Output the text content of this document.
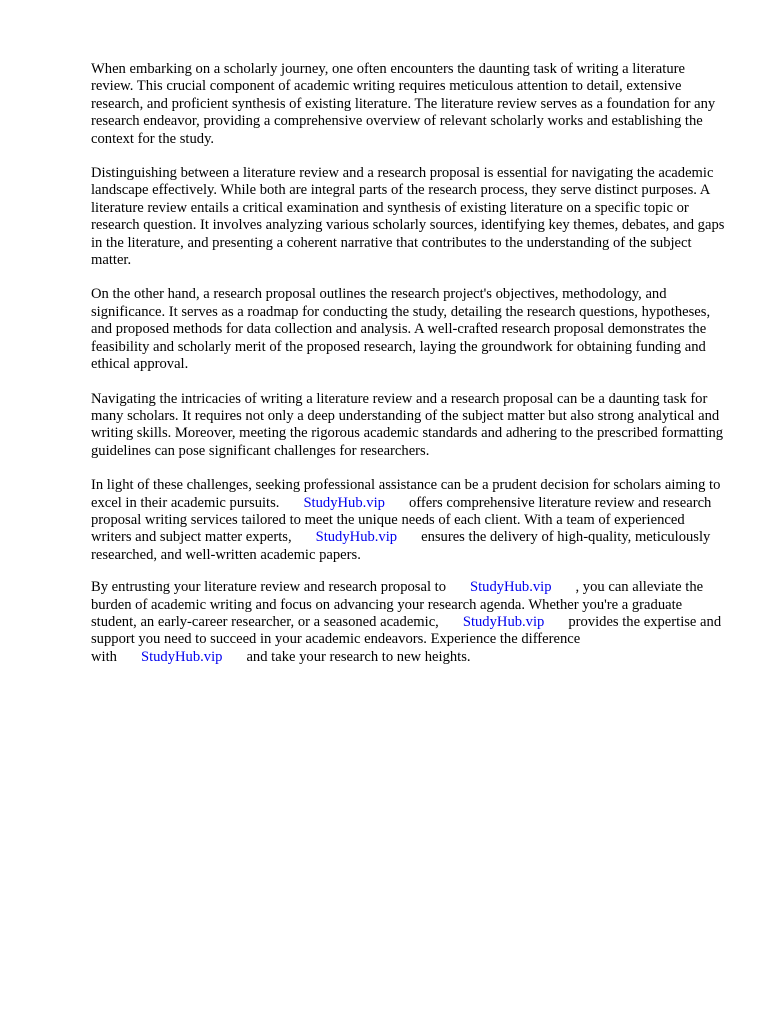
When embarking on a scholarly journey, one often encounters the daunting task of writing a literature review. This crucial component of academic writing requires meticulous attention to detail, extensive research, and proficient synthesis of existing literature. The literature review serves as a foundation for any research endeavor, providing a comprehensive overview of relevant scholarly works and establishing the context for the study.

Distinguishing between a literature review and a research proposal is essential for navigating the academic landscape effectively. While both are integral parts of the research process, they serve distinct purposes. A literature review entails a critical examination and synthesis of existing literature on a specific topic or research question. It involves analyzing various scholarly sources, identifying key themes, debates, and gaps in the literature, and presenting a coherent narrative that contributes to the understanding of the subject matter.

On the other hand, a research proposal outlines the research project's objectives, methodology, and significance. It serves as a roadmap for conducting the study, detailing the research questions, hypotheses, and proposed methods for data collection and analysis. A well-crafted research proposal demonstrates the feasibility and scholarly merit of the proposed research, laying the groundwork for obtaining funding and ethical approval.

Navigating the intricacies of writing a literature review and a research proposal can be a daunting task for many scholars. It requires not only a deep understanding of the subject matter but also strong analytical and writing skills. Moreover, meeting the rigorous academic standards and adhering to the prescribed formatting guidelines can pose significant challenges for researchers.

In light of these challenges, seeking professional assistance can be a prudent decision for scholars aiming to excel in their academic pursuits. StudyHub.vip offers comprehensive literature review and research proposal writing services tailored to meet the unique needs of each client. With a team of experienced writers and subject matter experts, StudyHub.vip ensures the delivery of high-quality, meticulously researched, and well-written academic papers.

By entrusting your literature review and research proposal to StudyHub.vip , you can alleviate the burden of academic writing and focus on advancing your research agenda. Whether you're a graduate student, an early-career researcher, or a seasoned academic, StudyHub.vip provides the expertise and support you need to succeed in your academic endeavors. Experience the difference with StudyHub.vip and take your research to new heights.
